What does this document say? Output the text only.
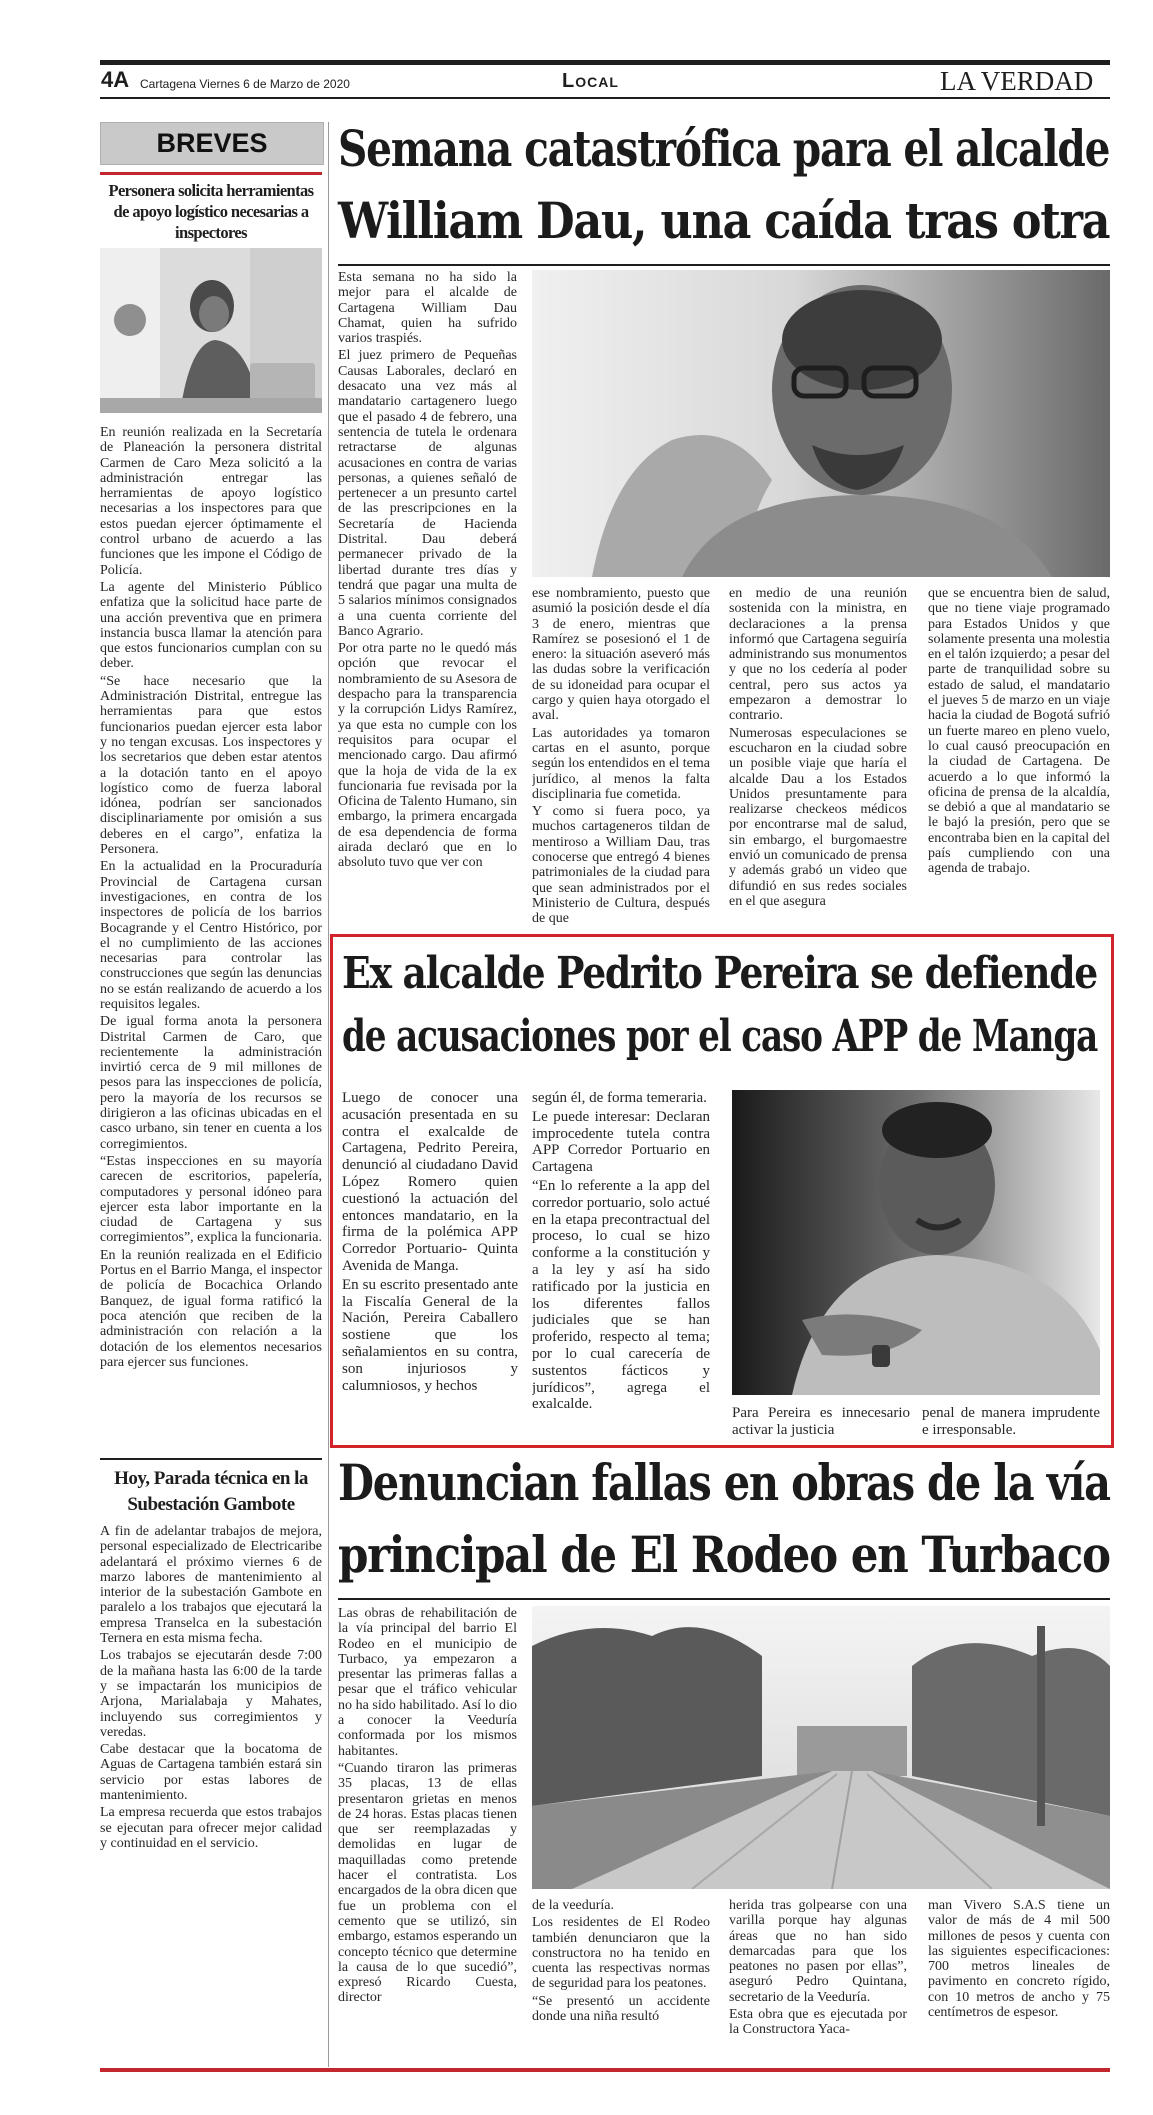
4A Cartagena Viernes 6 de Marzo de 2020	Local	LA VERDAD
BREVES
Personera solicita herramientas de apoyo logístico necesarias a inspectores

En reunión realizada en la Secretaría de Planeación la personera distrital Carmen de Caro Meza solicitó a la administración entregar las herramientas de apoyo logístico necesarias a los inspectores para que estos puedan ejercer óptimamente el control urbano de acuerdo a las funciones que les impone el Código de Policía.

La agente del Ministerio Público enfatiza que la solicitud hace parte de una acción preventiva que en primera instancia busca llamar la atención para que estos funcionarios cumplan con su deber.

“Se hace necesario que la Administración Distrital, entregue las herramientas para que estos funcionarios puedan ejercer esta labor y no tengan excusas. Los inspectores y los secretarios que deben estar atentos a la dotación tanto en el apoyo logístico como de fuerza laboral idónea, podrían ser sancionados disciplinariamente por omisión a sus deberes en el cargo”, enfatiza la Personera.

En la actualidad en la Procuraduría Provincial de Cartagena cursan investigaciones, en contra de los inspectores de policía de los barrios Bocagrande y el Centro Histórico, por el no cumplimiento de las acciones necesarias para controlar las construcciones que según las denuncias no se están realizando de acuerdo a los requisitos legales.

De igual forma anota la personera Distrital Carmen de Caro, que recientemente la administración invirtió cerca de 9 mil millones de pesos para las inspecciones de policía, pero la mayoría de los recursos se dirigieron a las oficinas ubicadas en el casco urbano, sin tener en cuenta a los corregimientos.

“Estas inspecciones en su mayoría carecen de escritorios, papelería, computadores y personal idóneo para ejercer esta labor importante en la ciudad de Cartagena y sus corregimientos”, explica la funcionaria.

En la reunión realizada en el Edificio Portus en el Barrio Manga, el inspector de policía de Bocachica Orlando Banquez, de igual forma ratificó la poca atención que reciben de la administración con relación a la dotación de los elementos necesarios para ejercer sus funciones.

Hoy, Parada técnica en la Subestación Gambote

A fin de adelantar trabajos de mejora, personal especializado de Electricaribe adelantará el próximo viernes 6 de marzo labores de mantenimiento al interior de la subestación Gambote en paralelo a los trabajos que ejecutará la empresa Transelca en la subestación Ternera en esta misma fecha.

Los trabajos se ejecutarán desde 7:00 de la mañana hasta las 6:00 de la tarde y se impactarán los municipios de Arjona, Marialabaja y Mahates, incluyendo sus corregimientos y veredas.

Cabe destacar que la bocatoma de Aguas de Cartagena también estará sin servicio por estas labores de mantenimiento.

La empresa recuerda que estos trabajos se ejecutan para ofrecer mejor calidad y continuidad en el servicio.

Semana catastrófica para el alcalde
William Dau, una caída tras otra

Esta semana no ha sido la mejor para el alcalde de Cartagena William Dau Chamat, quien ha sufrido varios traspiés.

El juez primero de Pequeñas Causas Laborales, declaró en desacato una vez más al mandatario cartagenero luego que el pasado 4 de febrero, una sentencia de tutela le ordenara retractarse de algunas acusaciones en contra de varias personas, a quienes señaló de pertenecer a un presunto cartel de las prescripciones en la Secretaría de Hacienda Distrital. Dau deberá permanecer privado de la libertad durante tres días y tendrá que pagar una multa de 5 salarios mínimos consignados a una cuenta corriente del Banco Agrario.

Por otra parte no le quedó más opción que revocar el nombramiento de su Asesora de despacho para la transparencia y la corrupción Lidys Ramírez, ya que esta no cumple con los requisitos para ocupar el mencionado cargo. Dau afirmó que la hoja de vida de la ex funcionaria fue revisada por la Oficina de Talento Humano, sin embargo, la primera encargada de esa dependencia de forma airada declaró que en lo absoluto tuvo que ver con

ese nombramiento, puesto que asumió la posición desde el día 3 de enero, mientras que Ramírez se posesionó el 1 de enero: la situación aseveró más las dudas sobre la verificación de su idoneidad para ocupar el cargo y quien haya otorgado el aval.

Las autoridades ya tomaron cartas en el asunto, porque según los entendidos en el tema jurídico, al menos la falta disciplinaria fue cometida.

Y como si fuera poco, ya muchos cartageneros tildan de mentiroso a William Dau, tras conocerse que entregó 4 bienes patrimoniales de la ciudad para que sean administrados por el Ministerio de Cultura, después de que

en medio de una reunión sostenida con la ministra, en declaraciones a la prensa informó que Cartagena seguiría administrando sus monumentos y que no los cedería al poder central, pero sus actos ya empezaron a demostrar lo contrario.

Numerosas especulaciones se escucharon en la ciudad sobre un posible viaje que haría el alcalde Dau a los Estados Unidos presuntamente para realizarse checkeos médicos por encontrarse mal de salud, sin embargo, el burgomaestre envió un comunicado de prensa y además grabó un video que difundió en sus redes sociales en el que asegura

que se encuentra bien de salud, que no tiene viaje programado para Estados Unidos y que solamente presenta una molestia en el talón izquierdo; a pesar del parte de tranquilidad sobre su estado de salud, el mandatario el jueves 5 de marzo en un viaje hacia la ciudad de Bogotá sufrió un fuerte mareo en pleno vuelo, lo cual causó preocupación en la ciudad de Cartagena. De acuerdo a lo que informó la oficina de prensa de la alcaldía, se debió a que al mandatario se le bajó la presión, pero que se encontraba bien en la capital del país cumpliendo con una agenda de trabajo.

Ex alcalde Pedrito Pereira se defiende
de acusaciones por el caso APP de Manga

Luego de conocer una acusación presentada en su contra el exalcalde de Cartagena, Pedrito Pereira, denunció al ciudadano David López Romero quien cuestionó la actuación del entonces mandatario, en la firma de la polémica APP Corredor Portuario- Quinta Avenida de Manga.

En su escrito presentado ante la Fiscalía General de la Nación, Pereira Caballero sostiene que los señalamientos en su contra, son injuriosos y calumniosos, y hechos

según él, de forma temeraria.

Le puede interesar: Declaran improcedente tutela contra APP Corredor Portuario en Cartagena

“En lo referente a la app del corredor portuario, solo actué en la etapa precontractual del proceso, lo cual se hizo conforme a la constitución y a la ley y así ha sido ratificado por la justicia en los diferentes fallos judiciales que se han proferido, respecto al tema; por lo cual carecería de sustentos fácticos y jurídicos”, agrega el exalcalde.

Para Pereira es innecesario activar la justicia
penal de manera imprudente e irresponsable.
Denuncian fallas en obras de la vía
principal de El Rodeo en Turbaco

Las obras de rehabilitación de la vía principal del barrio El Rodeo en el municipio de Turbaco, ya empezaron a presentar las primeras fallas a pesar que el tráfico vehicular no ha sido habilitado. Así lo dio a conocer la Veeduría conformada por los mismos habitantes.

“Cuando tiraron las primeras 35 placas, 13 de ellas presentaron grietas en menos de 24 horas. Estas placas tienen que ser reemplazadas y demolidas en lugar de maquilladas como pretende hacer el contratista. Los encargados de la obra dicen que fue un problema con el cemento que se utilizó, sin embargo, estamos esperando un concepto técnico que determine la causa de lo que sucedió”, expresó Ricardo Cuesta, director

de la veeduría.

Los residentes de El Rodeo también denunciaron que la constructora no ha tenido en cuenta las respectivas normas de seguridad para los peatones.

“Se presentó un accidente donde una niña resultó

herida tras golpearse con una varilla porque hay algunas áreas que no han sido demarcadas para que los peatones no pasen por ellas”, aseguró Pedro Quintana, secretario de la Veeduría.

Esta obra que es ejecutada por la Constructora Yaca-

man Vivero S.A.S tiene un valor de más de 4 mil 500 millones de pesos y cuenta con las siguientes especificaciones: 700 metros lineales de pavimento en concreto rígido, con 10 metros de ancho y 75 centímetros de espesor.
